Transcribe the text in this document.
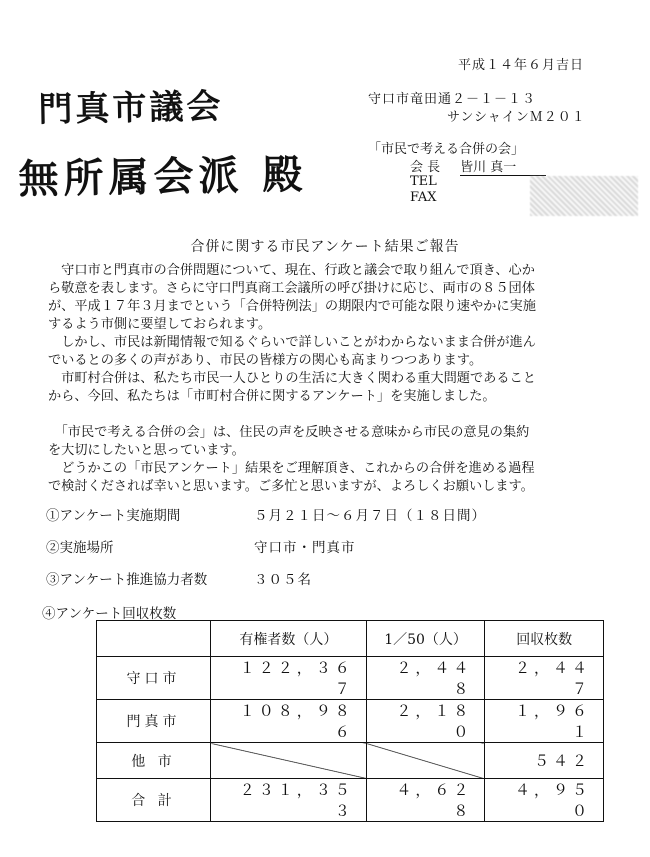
平成１４年６月吉日
門真市議会
無所属会派 殿
守口市竜田通２－１－１３
サンシャインＭ２０１
「市民で考える合併の会」
会 長 皆川 真一
TEL
FAX
合併に関する市民アンケート結果ご報告
　守口市と門真市の合併問題について、現在、行政と議会で取り組んで頂き、心か
ら敬意を表します。さらに守口門真商工会議所の呼び掛けに応じ、両市の８５団体
が、平成１７年３月までという「合併特例法」の期限内で可能な限り速やかに実施
するよう市側に要望しておられます。
　しかし、市民は新聞情報で知るぐらいで詳しいことがわからないまま合併が進ん
でいるとの多くの声があり、市民の皆様方の関心も高まりつつあります。
　市町村合併は、私たち市民一人ひとりの生活に大きく関わる重大問題であること
から、今回、私たちは「市町村合併に関するアンケート」を実施しました。
　「市民で考える合併の会」は、住民の声を反映させる意味から市民の意見の集約
を大切にしたいと思っています。
　どうかこの「市民アンケート」結果をご理解頂き、これからの合併を進める過程
で検討くだされば幸いと思います。ご多忙と思いますが、よろしくお願いします。
①アンケート実施期間	５月２１日～６月７日（１８日間）
②実施場所	守口市・門真市
③アンケート推進協力者数	３０５名
④アンケート回収枚数
	有権者数（人）	1／50（人）	回収枚数
守口市	１２２，３６７	２，４４８	２，４４７
門真市	１０８，９８６	２，１８０	１，９６１
他 市			５４２
合 計	２３１，３５３	４，６２８	４，９５０
